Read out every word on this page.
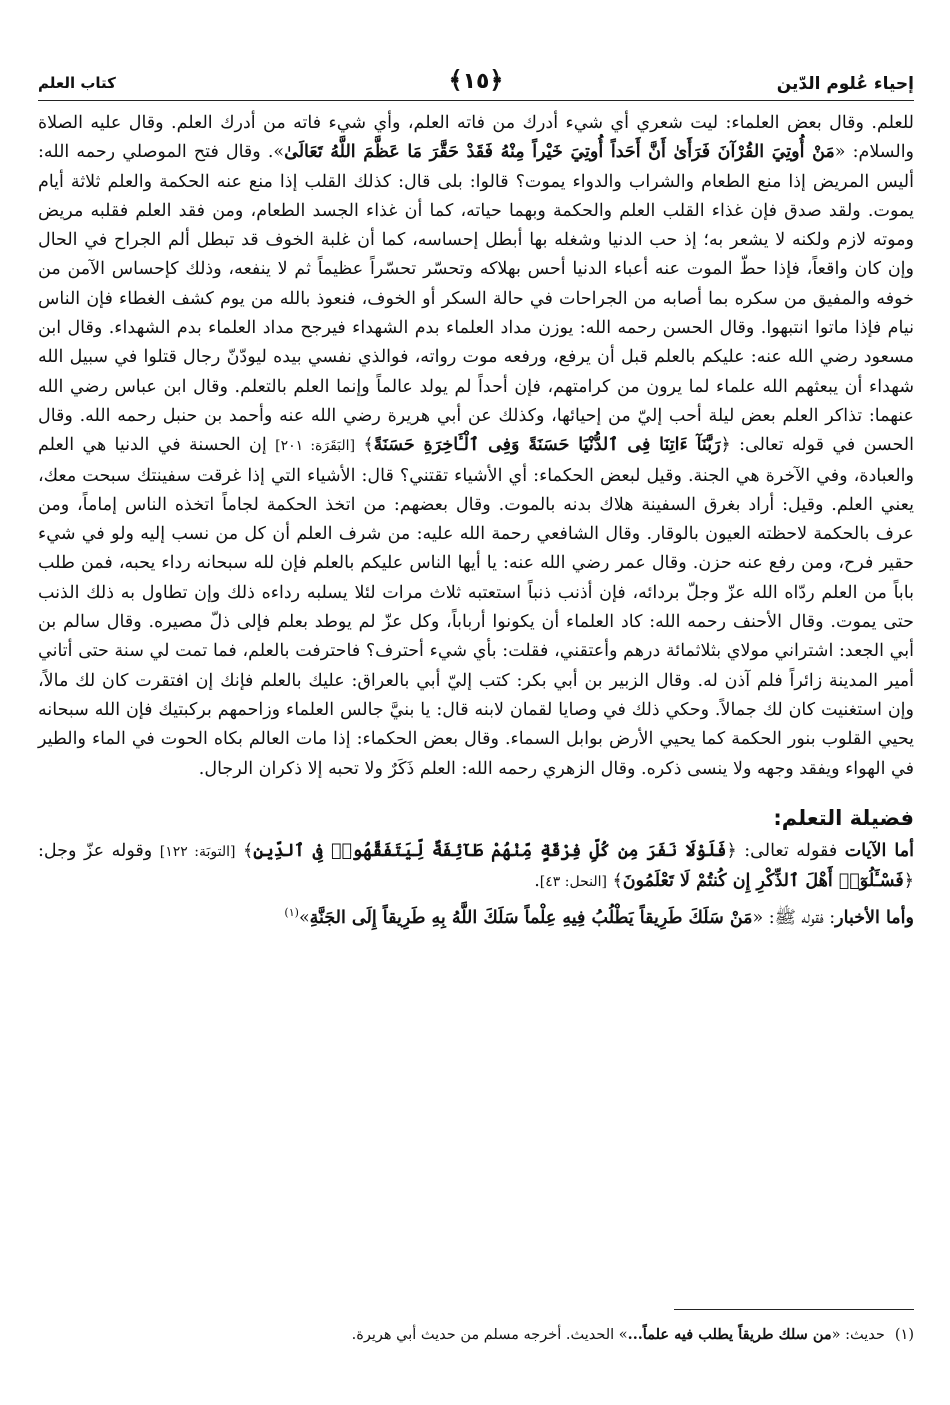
إحياء عُلوم الدّين
﴿١٥﴾
كتاب العلم

للعلم. وقال بعض العلماء: ليت شعري أي شيء أدرك من فاته العلم، وأي شيء فاته من أدرك العلم. وقال عليه الصلاة والسلام: «مَنْ أُوتِيَ القُرْآنَ فَرَأَىٰ أَنَّ أَحَداً أُوتِيَ خَيْراً مِنْهُ فَقَدْ حَقَّرَ مَا عَظَّمَ اللَّهُ تَعَالَىٰ». وقال فتح الموصلي رحمه الله: أليس المريض إذا منع الطعام والشراب والدواء يموت؟ قالوا: بلى قال: كذلك القلب إذا منع عنه الحكمة والعلم ثلاثة أيام يموت. ولقد صدق فإن غذاء القلب العلم والحكمة وبهما حياته، كما أن غذاء الجسد الطعام، ومن فقد العلم فقلبه مريض وموته لازم ولكنه لا يشعر به؛ إذ حب الدنيا وشغله بها أبطل إحساسه، كما أن غلبة الخوف قد تبطل ألم الجراح في الحال وإن كان واقعاً، فإذا حطّ الموت عنه أعباء الدنيا أحس بهلاكه وتحسّر تحسّراً عظيماً ثم لا ينفعه، وذلك كإحساس الآمن من خوفه والمفيق من سكره بما أصابه من الجراحات في حالة السكر أو الخوف، فنعوذ بالله من يوم كشف الغطاء فإن الناس نيام فإذا ماتوا انتبهوا. وقال الحسن رحمه الله: يوزن مداد العلماء بدم الشهداء فيرجح مداد العلماء بدم الشهداء. وقال ابن مسعود رضي الله عنه: عليكم بالعلم قبل أن يرفع، ورفعه موت رواته، فوالذي نفسي بيده ليودّنّ رجال قتلوا في سبيل الله شهداء أن يبعثهم الله علماء لما يرون من كرامتهم، فإن أحداً لم يولد عالماً وإنما العلم بالتعلم. وقال ابن عباس رضي الله عنهما: تذاكر العلم بعض ليلة أحب إليّ من إحيائها، وكذلك عن أبي هريرة رضي الله عنه وأحمد بن حنبل رحمه الله. وقال الحسن في قوله تعالى: ﴿رَبَّنَآ ءَاتِنَا فِى ٱلدُّنْيَا حَسَنَةً وَفِى ٱلْـَٔاخِرَةِ حَسَنَةً﴾ [البَقَرَة: ٢٠١] إن الحسنة في الدنيا هي العلم والعبادة، وفي الآخرة هي الجنة. وقيل لبعض الحكماء: أي الأشياء تقتني؟ قال: الأشياء التي إذا غرقت سفينتك سبحت معك، يعني العلم. وقيل: أراد بغرق السفينة هلاك بدنه بالموت. وقال بعضهم: من اتخذ الحكمة لجاماً اتخذه الناس إماماً، ومن عرف بالحكمة لاحظته العيون بالوقار. وقال الشافعي رحمة الله عليه: من شرف العلم أن كل من نسب إليه ولو في شيء حقير فرح، ومن رفع عنه حزن. وقال عمر رضي الله عنه: يا أيها الناس عليكم بالعلم فإن لله سبحانه رداء يحبه، فمن طلب باباً من العلم ردّاه الله عزّ وجلّ بردائه، فإن أذنب ذنباً استعتبه ثلاث مرات لئلا يسلبه رداءه ذلك وإن تطاول به ذلك الذنب حتى يموت. وقال الأحنف رحمه الله: كاد العلماء أن يكونوا أرباباً، وكل عزّ لم يوطد بعلم فإلى ذلّ مصيره. وقال سالم بن أبي الجعد: اشتراني مولاي بثلاثمائة درهم وأعتقني، فقلت: بأي شيء أحترف؟ فاحترفت بالعلم، فما تمت لي سنة حتى أتاني أمير المدينة زائراً فلم آذن له. وقال الزبير بن أبي بكر: كتب إليّ أبي بالعراق: عليك بالعلم فإنك إن افتقرت كان لك مالاً، وإن استغنيت كان لك جمالاً. وحكي ذلك في وصايا لقمان لابنه قال: يا بنيَّ جالس العلماء وزاحمهم بركبتيك فإن الله سبحانه يحيي القلوب بنور الحكمة كما يحيي الأرض بوابل السماء. وقال بعض الحكماء: إذا مات العالم بكاه الحوت في الماء والطير في الهواء ويفقد وجهه ولا ينسى ذكره. وقال الزهري رحمه الله: العلم ذَكَرٌ ولا تحبه إلا ذكران الرجال.

فضيلة التعلم:

أما الآيات فقوله تعالى: ﴿فَلَوْلَا نَفَرَ مِن كُلِّ فِرْقَةٍ مِّنْهُمْ طَآئِفَةٌ لِّيَتَفَقَّهُوا۟ فِى ٱلدِّينِ﴾ [التوبَة: ١٢٢] وقوله عزّ وجل: ﴿فَسْـَٔلُوٓا۟ أَهْلَ ٱلذِّكْرِ إِن كُنتُمْ لَا تَعْلَمُونَ﴾ [النحل: ٤٣].

وأما الأخبار: فقوله ﷺ: «مَنْ سَلَكَ طَرِيقاً يَطْلُبُ فِيهِ عِلْماً سَلَكَ اللَّهُ بِهِ طَرِيقاً إِلَى الجَنَّةِ»$^{(١)}$

(١)حديث: «من سلك طريقاً يطلب فيه علماً...» الحديث. أخرجه مسلم من حديث أبي هريرة.
